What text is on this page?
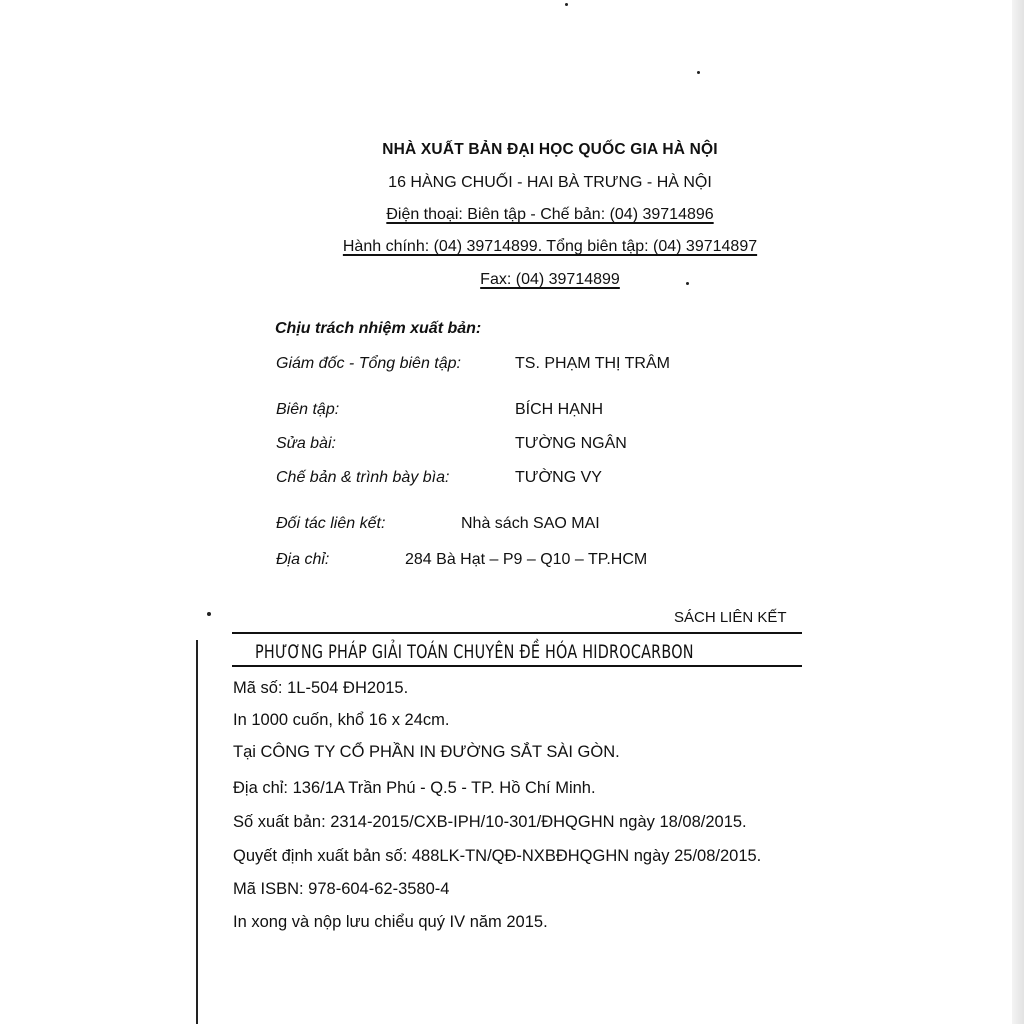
NHÀ XUẤT BẢN ĐẠI HỌC QUỐC GIA HÀ NỘI
16 HÀNG CHUỐI - HAI BÀ TRƯNG - HÀ NỘI
Điện thoại: Biên tập - Chế bản: (04) 39714896
Hành chính: (04) 39714899. Tổng biên tập: (04) 39714897
Fax: (04) 39714899
Chịu trách nhiệm xuất bản:
Giám đốc - Tổng biên tập:	TS. PHẠM THỊ TRÂM
Biên tập:	BÍCH HẠNH
Sửa bài:	TƯỜNG NGÂN
Chế bản & trình bày bìa:	TƯỜNG VY
Đối tác liên kết:	Nhà sách SAO MAI
Địa chỉ:	284 Bà Hạt – P9 – Q10 – TP.HCM
SÁCH LIÊN KẾT
PHƯƠNG PHÁP GIẢI TOÁN CHUYÊN ĐỀ HÓA HIDROCARBON
Mã số: 1L-504 ĐH2015.
In 1000 cuốn, khổ 16 x 24cm.
Tại CÔNG TY CỔ PHẦN IN ĐƯỜNG SẮT SÀI GÒN.
Địa chỉ: 136/1A Trần Phú - Q.5 - TP. Hồ Chí Minh.
Số xuất bản: 2314-2015/CXB-IPH/10-301/ĐHQGHN ngày 18/08/2015.
Quyết định xuất bản số: 488LK-TN/QĐ-NXBĐHQGHN ngày 25/08/2015.
Mã ISBN: 978-604-62-3580-4
In xong và nộp lưu chiểu quý IV năm 2015.
